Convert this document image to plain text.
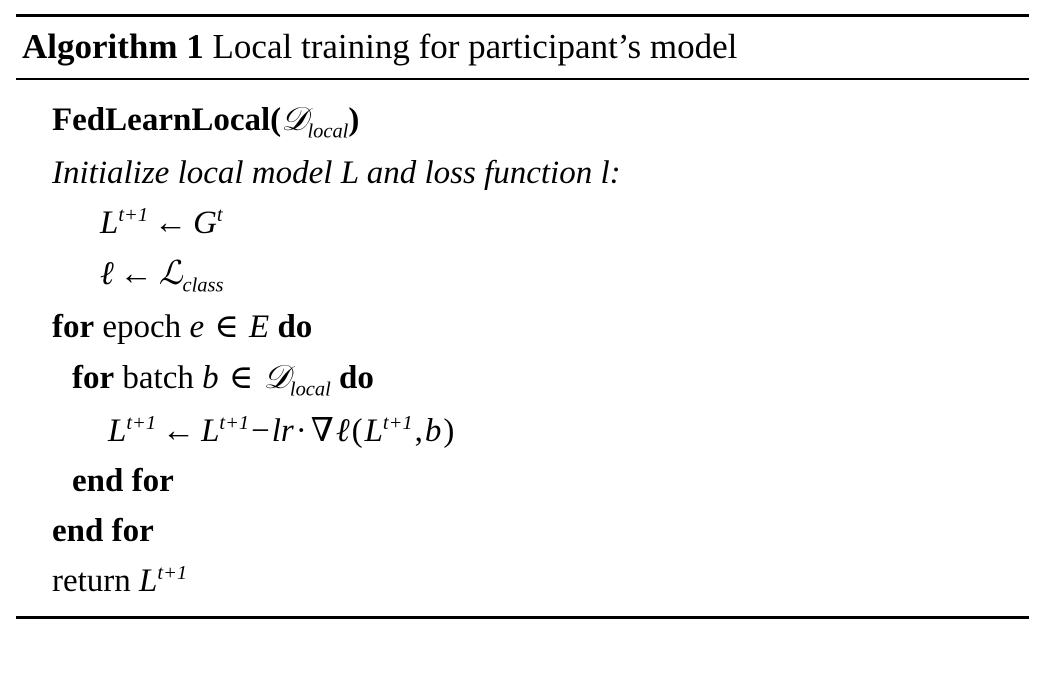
Algorithm 1 Local training for participant’s model
FedLearnLocal(𝒟$_{local}$)
Initialize local model L and loss function l:
$L^{t+1}$ ← $G^t$
ℓ ← ℒ$_{class}$
for epoch e ∈ E do
for batch b ∈ 𝒟$_{local}$ do
$L^{t+1}$ ← $L^{t+1}-lr\cdot$ $\nabla\ell(L^{t+1},b)$
end for
end for
return $L^{t+1}$
